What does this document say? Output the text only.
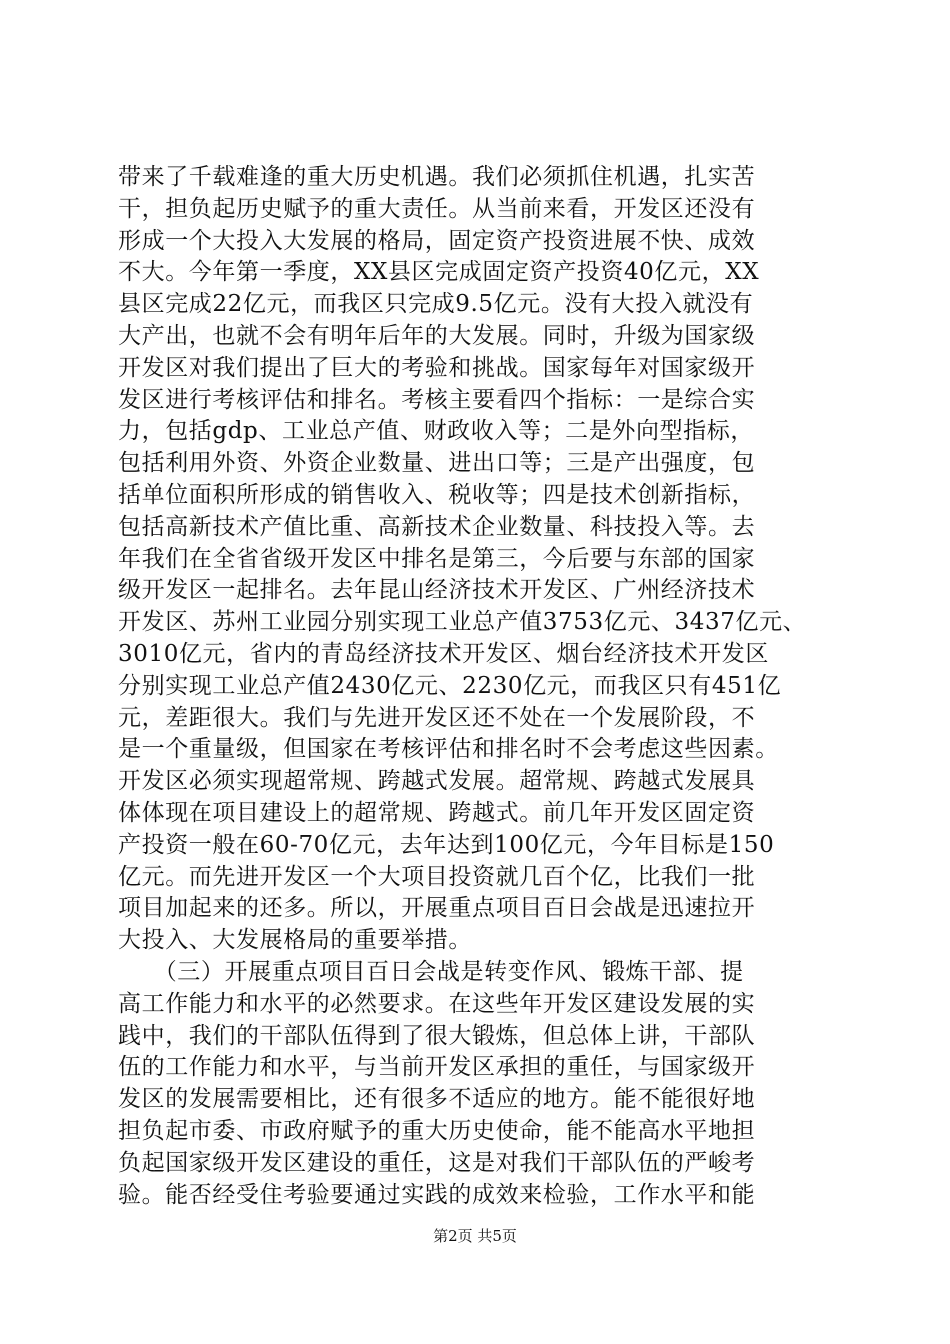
带来了千载难逢的重大历史机遇。我们必须抓住机遇，扎实苦
干，担负起历史赋予的重大责任。从当前来看，开发区还没有
形成一个大投入大发展的格局，固定资产投资进展不快、成效
不大。今年第一季度，XX县区完成固定资产投资40亿元，XX
县区完成22亿元，而我区只完成9.5亿元。没有大投入就没有
大产出，也就不会有明年后年的大发展。同时，升级为国家级
开发区对我们提出了巨大的考验和挑战。国家每年对国家级开
发区进行考核评估和排名。考核主要看四个指标：一是综合实
力，包括gdp、工业总产值、财政收入等；二是外向型指标，
包括利用外资、外资企业数量、进出口等；三是产出强度，包
括单位面积所形成的销售收入、税收等；四是技术创新指标，
包括高新技术产值比重、高新技术企业数量、科技投入等。去
年我们在全省省级开发区中排名是第三，今后要与东部的国家
级开发区一起排名。去年昆山经济技术开发区、广州经济技术
开发区、苏州工业园分别实现工业总产值3753亿元、3437亿元、
3010亿元，省内的青岛经济技术开发区、烟台经济技术开发区
分别实现工业总产值2430亿元、2230亿元，而我区只有451亿
元，差距很大。我们与先进开发区还不处在一个发展阶段，不
是一个重量级，但国家在考核评估和排名时不会考虑这些因素。
开发区必须实现超常规、跨越式发展。超常规、跨越式发展具
体体现在项目建设上的超常规、跨越式。前几年开发区固定资
产投资一般在60-70亿元，去年达到100亿元，今年目标是150
亿元。而先进开发区一个大项目投资就几百个亿，比我们一批
项目加起来的还多。所以，开展重点项目百日会战是迅速拉开
大投入、大发展格局的重要举措。
　　（三）开展重点项目百日会战是转变作风、锻炼干部、提
高工作能力和水平的必然要求。在这些年开发区建设发展的实
践中，我们的干部队伍得到了很大锻炼，但总体上讲，干部队
伍的工作能力和水平，与当前开发区承担的重任，与国家级开
发区的发展需要相比，还有很多不适应的地方。能不能很好地
担负起市委、市政府赋予的重大历史使命，能不能高水平地担
负起国家级开发区建设的重任，这是对我们干部队伍的严峻考
验。能否经受住考验要通过实践的成效来检验，工作水平和能
第2页 共5页
